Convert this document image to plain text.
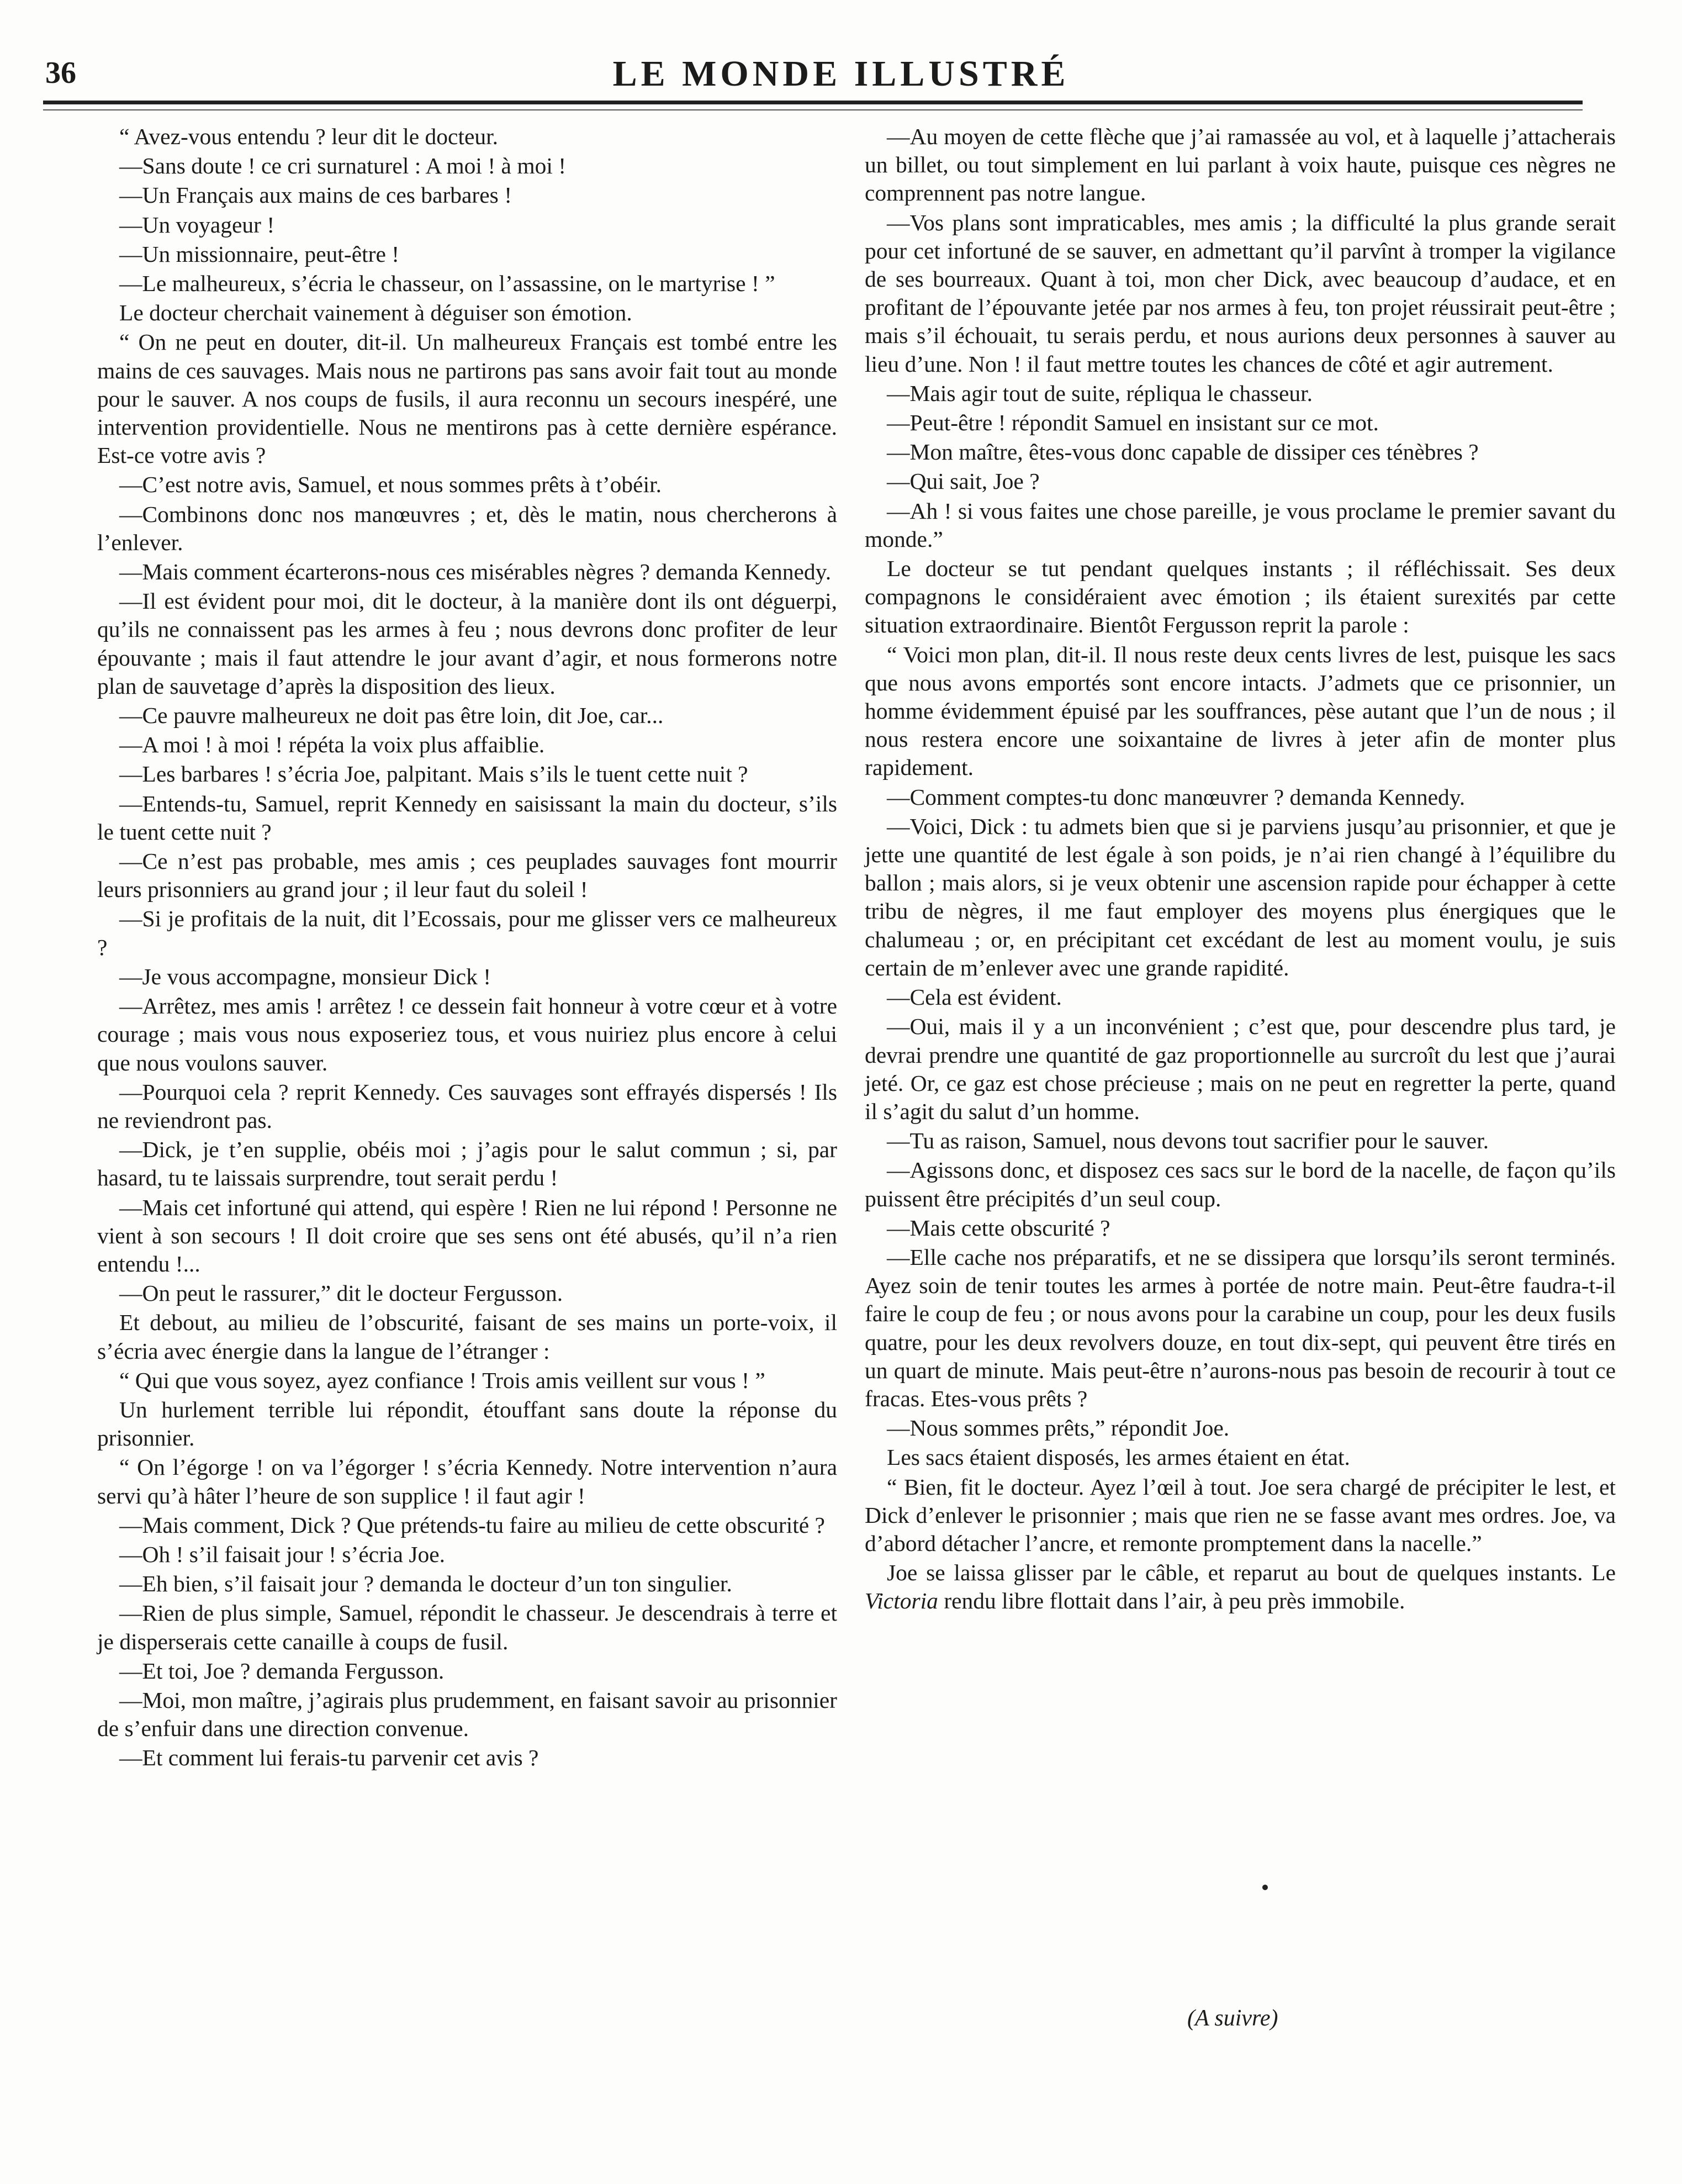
36	LE MONDE ILLUSTRÉ

“ Avez-vous entendu ? leur dit le docteur.

—Sans doute ! ce cri surnaturel : A moi ! à moi !

—Un Français aux mains de ces barbares !

—Un voyageur !

—Un missionnaire, peut-être !

—Le malheureux, s’écria le chasseur, on l’assassine, on le martyrise ! ”

Le docteur cherchait vainement à déguiser son émotion.

“ On ne peut en douter, dit-il. Un malheureux Français est tombé entre les mains de ces sauvages. Mais nous ne partirons pas sans avoir fait tout au monde pour le sauver. A nos coups de fusils, il aura reconnu un secours inespéré, une intervention providentielle. Nous ne mentirons pas à cette dernière espérance. Est-ce votre avis ?

—C’est notre avis, Samuel, et nous sommes prêts à t’obéir.

—Combinons donc nos manœuvres ; et, dès le matin, nous chercherons à l’enlever.

—Mais comment écarterons-nous ces misérables nègres ? demanda Kennedy.

—Il est évident pour moi, dit le docteur, à la manière dont ils ont déguerpi, qu’ils ne connaissent pas les armes à feu ; nous devrons donc profiter de leur épouvante ; mais il faut attendre le jour avant d’agir, et nous formerons notre plan de sauvetage d’après la disposition des lieux.

—Ce pauvre malheureux ne doit pas être loin, dit Joe, car...

—A moi ! à moi ! répéta la voix plus affaiblie.

—Les barbares ! s’écria Joe, palpitant. Mais s’ils le tuent cette nuit ?

—Entends-tu, Samuel, reprit Kennedy en saisissant la main du docteur, s’ils le tuent cette nuit ?

—Ce n’est pas probable, mes amis ; ces peuplades sauvages font mourrir leurs prisonniers au grand jour ; il leur faut du soleil !

—Si je profitais de la nuit, dit l’Ecossais, pour me glisser vers ce malheureux ?

—Je vous accompagne, monsieur Dick !

—Arrêtez, mes amis ! arrêtez ! ce dessein fait honneur à votre cœur et à votre courage ; mais vous nous exposeriez tous, et vous nuiriez plus encore à celui que nous voulons sauver.

—Pourquoi cela ? reprit Kennedy. Ces sauvages sont effrayés dispersés ! Ils ne reviendront pas.

—Dick, je t’en supplie, obéis moi ; j’agis pour le salut commun ; si, par hasard, tu te laissais surprendre, tout serait perdu !

—Mais cet infortuné qui attend, qui espère ! Rien ne lui répond ! Personne ne vient à son secours ! Il doit croire que ses sens ont été abusés, qu’il n’a rien entendu !...

—On peut le rassurer,” dit le docteur Fergusson.

Et debout, au milieu de l’obscurité, faisant de ses mains un porte-voix, il s’écria avec énergie dans la langue de l’étranger :

“ Qui que vous soyez, ayez confiance ! Trois amis veillent sur vous ! ”

Un hurlement terrible lui répondit, étouffant sans doute la réponse du prisonnier.

“ On l’égorge ! on va l’égorger ! s’écria Kennedy. Notre intervention n’aura servi qu’à hâter l’heure de son supplice ! il faut agir !

—Mais comment, Dick ? Que prétends-tu faire au milieu de cette obscurité ?

—Oh ! s’il faisait jour ! s’écria Joe.

—Eh bien, s’il faisait jour ? demanda le docteur d’un ton singulier.

—Rien de plus simple, Samuel, répondit le chasseur. Je descendrais à terre et je disperserais cette canaille à coups de fusil.

—Et toi, Joe ? demanda Fergusson.

—Moi, mon maître, j’agirais plus prudemment, en faisant savoir au prisonnier de s’enfuir dans une direction convenue.

—Et comment lui ferais-tu parvenir cet avis ?

—Au moyen de cette flèche que j’ai ramassée au vol, et à laquelle j’attacherais un billet, ou tout simplement en lui parlant à voix haute, puisque ces nègres ne comprennent pas notre langue.

—Vos plans sont impraticables, mes amis ; la difficulté la plus grande serait pour cet infortuné de se sauver, en admettant qu’il parvînt à tromper la vigilance de ses bourreaux. Quant à toi, mon cher Dick, avec beaucoup d’audace, et en profitant de l’épouvante jetée par nos armes à feu, ton projet réussirait peut-être ; mais s’il échouait, tu serais perdu, et nous aurions deux personnes à sauver au lieu d’une. Non ! il faut mettre toutes les chances de côté et agir autrement.

—Mais agir tout de suite, répliqua le chasseur.

—Peut-être ! répondit Samuel en insistant sur ce mot.

—Mon maître, êtes-vous donc capable de dissiper ces ténèbres ?

—Qui sait, Joe ?

—Ah ! si vous faites une chose pareille, je vous proclame le premier savant du monde.”

Le docteur se tut pendant quelques instants ; il réfléchissait. Ses deux compagnons le considéraient avec émotion ; ils étaient surexités par cette situation extraordinaire. Bientôt Fergusson reprit la parole :

“ Voici mon plan, dit-il. Il nous reste deux cents livres de lest, puisque les sacs que nous avons emportés sont encore intacts. J’admets que ce prisonnier, un homme évidemment épuisé par les souffrances, pèse autant que l’un de nous ; il nous restera encore une soixantaine de livres à jeter afin de monter plus rapidement.

—Comment comptes-tu donc manœuvrer ? demanda Kennedy.

—Voici, Dick : tu admets bien que si je parviens jusqu’au prisonnier, et que je jette une quantité de lest égale à son poids, je n’ai rien changé à l’équilibre du ballon ; mais alors, si je veux obtenir une ascension rapide pour échapper à cette tribu de nègres, il me faut employer des moyens plus énergiques que le chalumeau ; or, en précipitant cet excédant de lest au moment voulu, je suis certain de m’enlever avec une grande rapidité.

—Cela est évident.

—Oui, mais il y a un inconvénient ; c’est que, pour descendre plus tard, je devrai prendre une quantité de gaz proportionnelle au surcroît du lest que j’aurai jeté. Or, ce gaz est chose précieuse ; mais on ne peut en regretter la perte, quand il s’agit du salut d’un homme.

—Tu as raison, Samuel, nous devons tout sacrifier pour le sauver.

—Agissons donc, et disposez ces sacs sur le bord de la nacelle, de façon qu’ils puissent être précipités d’un seul coup.

—Mais cette obscurité ?

—Elle cache nos préparatifs, et ne se dissipera que lorsqu’ils seront terminés. Ayez soin de tenir toutes les armes à portée de notre main. Peut-être faudra-t-il faire le coup de feu ; or nous avons pour la carabine un coup, pour les deux fusils quatre, pour les deux revolvers douze, en tout dix-sept, qui peuvent être tirés en un quart de minute. Mais peut-être n’aurons-nous pas besoin de recourir à tout ce fracas. Etes-vous prêts ?

—Nous sommes prêts,” répondit Joe.

Les sacs étaient disposés, les armes étaient en état.

“ Bien, fit le docteur. Ayez l’œil à tout. Joe sera chargé de précipiter le lest, et Dick d’enlever le prisonnier ; mais que rien ne se fasse avant mes ordres. Joe, va d’abord détacher l’ancre, et remonte promptement dans la nacelle.”

Joe se laissa glisser par le câble, et reparut au bout de quelques instants. Le Victoria rendu libre flottait dans l’air, à peu près immobile.

(A suivre)
